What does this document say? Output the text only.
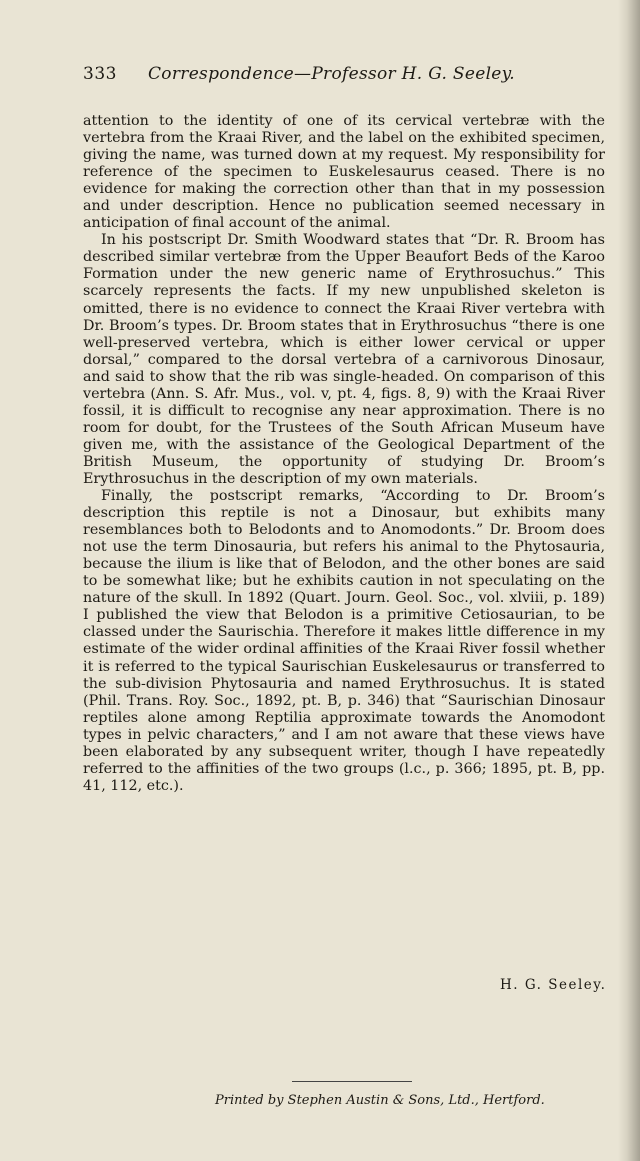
333 Correspondence—Professor H. G. Seeley.

attention to the identity of one of its cervical vertebræ with the vertebra from the Kraai River, and the label on the exhibited specimen, giving the name, was turned down at my request. My responsibility for reference of the specimen to Euskelesaurus ceased. There is no evidence for making the correction other than that in my possession and under description. Hence no publication seemed necessary in anticipation of final account of the animal.

In his postscript Dr. Smith Woodward states that “Dr. R. Broom has described similar vertebræ from the Upper Beaufort Beds of the Karoo Formation under the new generic name of Erythrosuchus.” This scarcely represents the facts. If my new unpublished skeleton is omitted, there is no evidence to connect the Kraai River vertebra with Dr. Broom’s types. Dr. Broom states that in Erythrosuchus “there is one well-preserved vertebra, which is either lower cervical or upper dorsal,” compared to the dorsal vertebra of a carnivorous Dinosaur, and said to show that the rib was single-headed. On comparison of this vertebra (Ann. S. Afr. Mus., vol. v, pt. 4, figs. 8, 9) with the Kraai River fossil, it is difficult to recognise any near approximation. There is no room for doubt, for the Trustees of the South African Museum have given me, with the assistance of the Geological Department of the British Museum, the opportunity of studying Dr. Broom’s Erythrosuchus in the description of my own materials.

Finally, the postscript remarks, “According to Dr. Broom’s description this reptile is not a Dinosaur, but exhibits many resemblances both to Belodonts and to Anomodonts.” Dr. Broom does not use the term Dinosauria, but refers his animal to the Phytosauria, because the ilium is like that of Belodon, and the other bones are said to be somewhat like; but he exhibits caution in not speculating on the nature of the skull. In 1892 (Quart. Journ. Geol. Soc., vol. xlviii, p. 189) I published the view that Belodon is a primitive Cetiosaurian, to be classed under the Saurischia. Therefore it makes little difference in my estimate of the wider ordinal affinities of the Kraai River fossil whether it is referred to the typical Saurischian Euskelesaurus or transferred to the sub-division Phytosauria and named Erythrosuchus. It is stated (Phil. Trans. Roy. Soc., 1892, pt. B, p. 346) that “Saurischian Dinosaur reptiles alone among Reptilia approximate towards the Anomodont types in pelvic characters,” and I am not aware that these views have been elaborated by any subsequent writer, though I have repeatedly referred to the affinities of the two groups (l.c., p. 366; 1895, pt. B, pp. 41, 112, etc.).

H. G. Seeley.
Printed by Stephen Austin & Sons, Ltd., Hertford.
